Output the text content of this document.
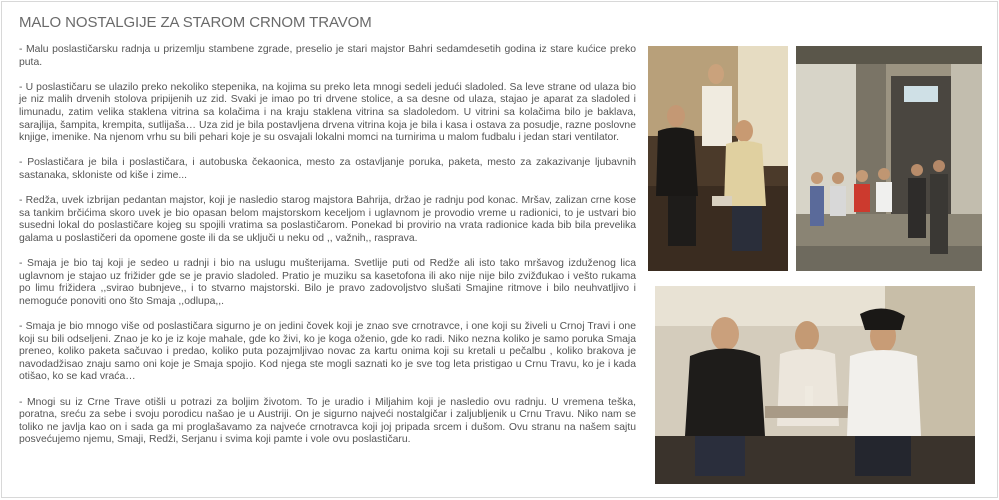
MALO NOSTALGIJE ZA STAROM CRNOM TRAVOM

- Malu poslastičarsku radnja u prizemlju stambene zgrade, preselio je stari majstor Bahri sedamdesetih godina iz stare kućice preko puta.

- U poslastičaru se ulazilo preko nekoliko stepenika, na kojima su preko leta mnogi sedeli jedući sladoled. Sa leve strane od ulaza bio je niz malih drvenih stolova pripijenih uz zid. Svaki je imao po tri drvene stolice, a sa desne od ulaza, stajao je aparat za sladoled i limunadu, zatim velika staklena vitrina sa kolačima i na kraju staklena vitrina sa sladoledom. U vitrini sa kolačima bilo je baklava, sarajlija, šampita, krempita, sutlijaša… Uza zid je bila postavljena drvena vitrina koja je bila i kasa i ostava za posudje, razne poslovne knjige, imenike. Na njenom vrhu su bili pehari koje je su osvajali lokalni momci na turnirima u malom fudbalu i jedan stari ventilator.

- Poslastičara je bila i poslastičara, i autobuska čekaonica, mesto za ostavljanje poruka, paketa, mesto za zakazivanje ljubavnih sastanaka, skloniste od kiše i zime...

- Redža, uvek izbrijan pedantan majstor, koji je nasledio starog majstora Bahrija, držao je radnju pod konac. Mršav, zalizan crne kose sa tankim brčićima skoro uvek je bio opasan belom majstorskom keceljom i uglavnom je provodio vreme u radionici, to je ustvari bio susedni lokal do poslastičare kojeg su spojili vratima sa poslastičarom. Ponekad bi provirio na vrata radionice kada bib bila prevelika galama u poslastičeri da opomene goste ili da se uključi u neku od ,, važnih,, rasprava.

- Smaja je bio taj koji je sedeo u radnji i bio na uslugu mušterijama. Svetlije puti od Redže ali isto tako mršavog izduženog lica uglavnom je stajao uz frižider gde se je pravio sladoled. Pratio je muziku sa kasetofona ili ako nije nije bilo zvižđukao i vešto rukama po limu frižidera ,,svirao bubnjeve,, i to stvarno majstorski. Bilo je pravo zadovoljstvo slušati Smajine ritmove i bilo neuhvatljivo i nemoguće ponoviti ono što Smaja ,,odlupa,,.

- Smaja je bio mnogo više od poslastičara sigurno je on jedini čovek koji je znao sve crnotravce, i one koji su živeli u Crnoj Travi i one koji su bili odseljeni. Znao je ko je iz koje mahale, gde ko živi, ko je koga oženio, gde ko radi. Niko nezna koliko je samo poruka Smaja preneo, koliko paketa sačuvao i predao, koliko puta pozajmljivao novac za kartu onima koji su kretali u pečalbu , koliko brakova je navodadžisao znaju samo oni koje je Smaja spojio. Kod njega ste mogli saznati ko je sve tog leta pristigao u Crnu Travu, ko je i kada otišao, ko se kad vraća…

- Mnogi su iz Crne Trave otišli u potrazi za boljim životom. To je uradio i Miljahim koji je nasledio ovu radnju. U vremena teška, poratna, sreću za sebe i svoju porodicu našao je u Austriji. On je sigurno najveći nostalgičar i zaljubljenik u Crnu Travu. Niko nam se toliko ne javlja kao on i sada ga mi proglašavamo za najveće crnotravca koji joj pripada srcem i dušom. Ovu stranu na našem sajtu posvećujemo njemu, Smaji, Redži, Serjanu i svima koji pamte i vole ovu poslastičaru.
